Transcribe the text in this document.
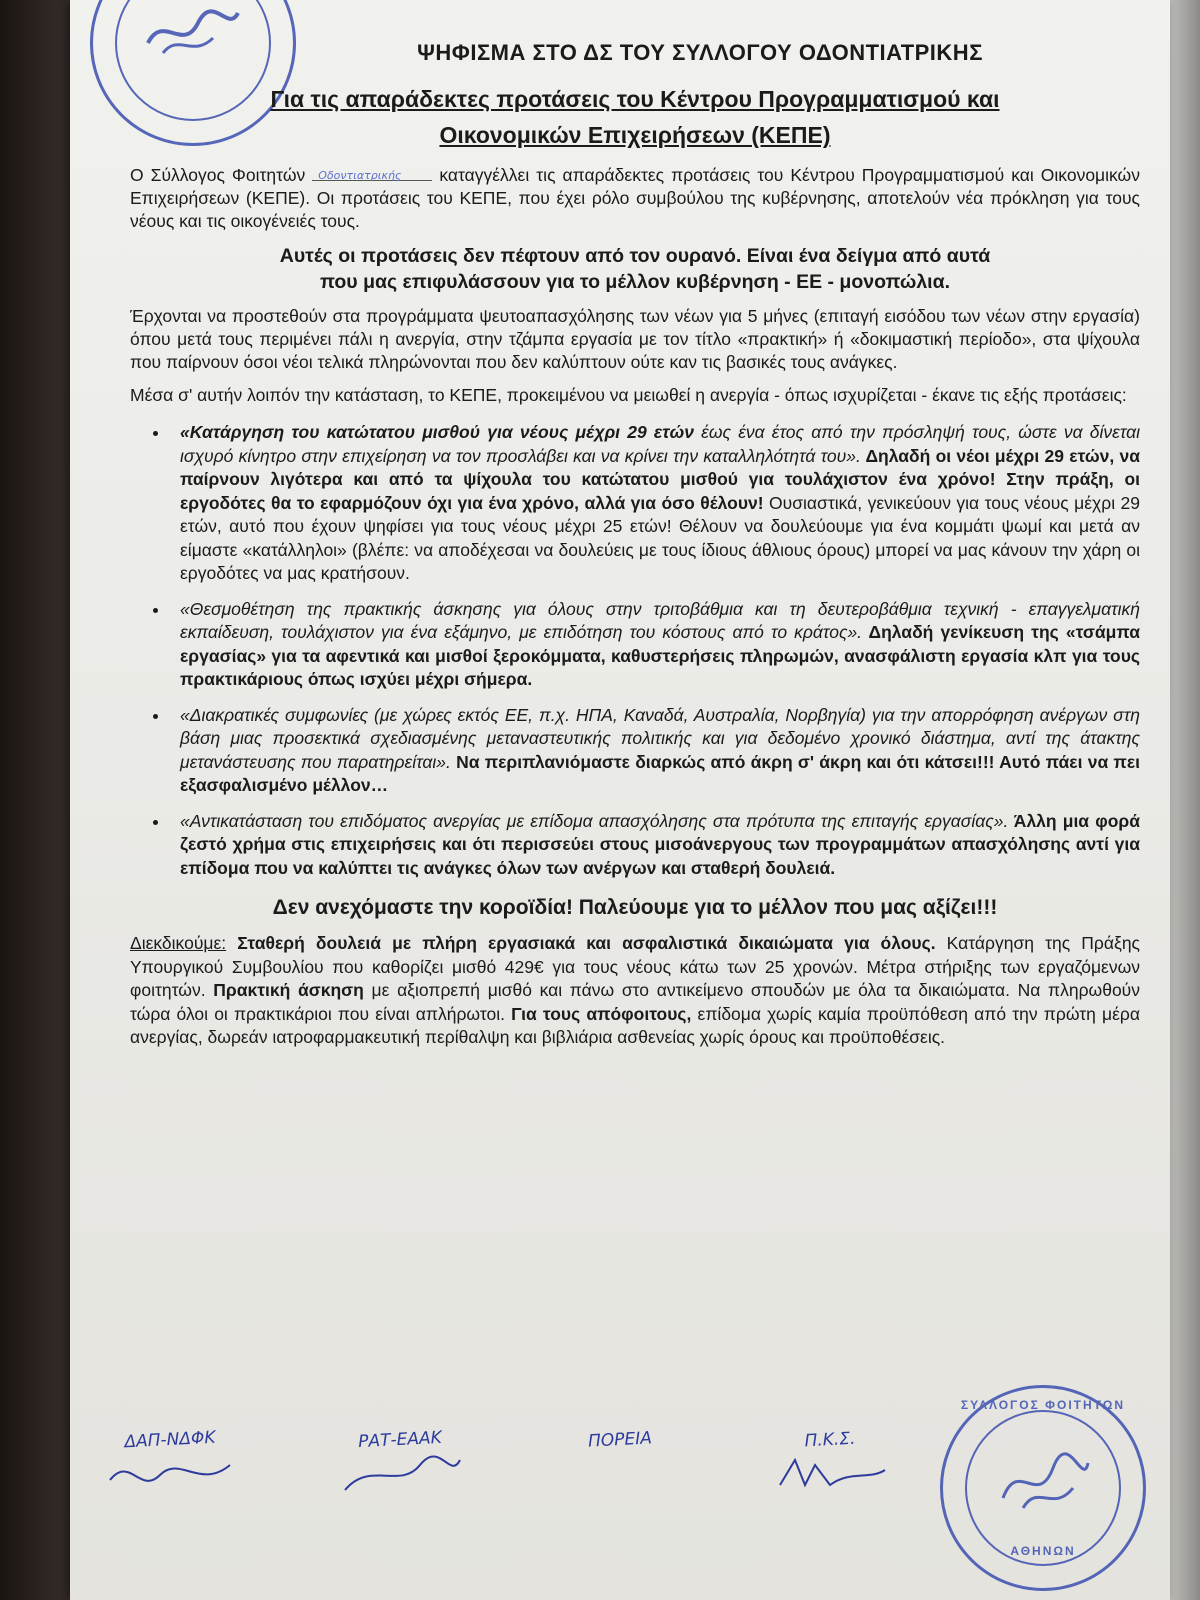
ΨΗΦΙΣΜΑ ΣΤΟ ΔΣ ΤΟΥ ΣΥΛΛΟΓΟΥ ΟΔΟΝΤΙΑΤΡΙΚΗΣ

Για τις απαράδεκτες προτάσεις του Κέντρου Προγραμματισμού και

Οικονομικών Επιχειρήσεων (ΚΕΠΕ)

Ο Σύλλογος Φοιτητών Οδοντιατρικής καταγγέλλει τις απαράδεκτες προτάσεις του Κέντρου Προγραμματισμού και Οικονομικών Επιχειρήσεων (ΚΕΠΕ). Οι προτάσεις του ΚΕΠΕ, που έχει ρόλο συμβούλου της κυβέρνησης, αποτελούν νέα πρόκληση για τους νέους και τις οικογένειές τους.

Αυτές οι προτάσεις δεν πέφτουν από τον ουρανό. Είναι ένα δείγμα από αυτά
που μας επιφυλάσσουν για το μέλλον κυβέρνηση - ΕΕ - μονοπώλια.

Έρχονται να προστεθούν στα προγράμματα ψευτοαπασχόλησης των νέων για 5 μήνες (επιταγή εισόδου των νέων στην εργασία) όπου μετά τους περιμένει πάλι η ανεργία, στην τζάμπα εργασία με τον τίτλο «πρακτική» ή «δοκιμαστική περίοδο», στα ψίχουλα που παίρνουν όσοι νέοι τελικά πληρώνονται που δεν καλύπτουν ούτε καν τις βασικές τους ανάγκες.

Μέσα σ' αυτήν λοιπόν την κατάσταση, το ΚΕΠΕ, προκειμένου να μειωθεί η ανεργία - όπως ισχυρίζεται - έκανε τις εξής προτάσεις:

• «Κατάργηση του κατώτατου μισθού για νέους μέχρι 29 ετών έως ένα έτος από την πρόσληψή τους, ώστε να δίνεται ισχυρό κίνητρο στην επιχείρηση να τον προσλάβει και να κρίνει την καταλληλότητά του». Δηλαδή οι νέοι μέχρι 29 ετών, να παίρνουν λιγότερα και από τα ψίχουλα του κατώτατου μισθού για τουλάχιστον ένα χρόνο! Στην πράξη, οι εργοδότες θα το εφαρμόζουν όχι για ένα χρόνο, αλλά για όσο θέλουν! Ουσιαστικά, γενικεύουν για τους νέους μέχρι 29 ετών, αυτό που έχουν ψηφίσει για τους νέους μέχρι 25 ετών! Θέλουν να δουλεύουμε για ένα κομμάτι ψωμί και μετά αν είμαστε «κατάλληλοι» (βλέπε: να αποδέχεσαι να δουλεύεις με τους ίδιους άθλιους όρους) μπορεί να μας κάνουν την χάρη οι εργοδότες να μας κρατήσουν.
• «Θεσμοθέτηση της πρακτικής άσκησης για όλους στην τριτοβάθμια και τη δευτεροβάθμια τεχνική - επαγγελματική εκπαίδευση, τουλάχιστον για ένα εξάμηνο, με επιδότηση του κόστους από το κράτος». Δηλαδή γενίκευση της «τσάμπα εργασίας» για τα αφεντικά και μισθοί ξεροκόμματα, καθυστερήσεις πληρωμών, ανασφάλιστη εργασία κλπ για τους πρακτικάριους όπως ισχύει μέχρι σήμερα.
• «Διακρατικές συμφωνίες (με χώρες εκτός ΕΕ, π.χ. ΗΠΑ, Καναδά, Αυστραλία, Νορβηγία) για την απορρόφηση ανέργων στη βάση μιας προσεκτικά σχεδιασμένης μεταναστευτικής πολιτικής και για δεδομένο χρονικό διάστημα, αντί της άτακτης μετανάστευσης που παρατηρείται». Να περιπλανιόμαστε διαρκώς από άκρη σ' άκρη και ότι κάτσει!!! Αυτό πάει να πει εξασφαλισμένο μέλλον…
• «Αντικατάσταση του επιδόματος ανεργίας με επίδομα απασχόλησης στα πρότυπα της επιταγής εργασίας». Άλλη μια φορά ζεστό χρήμα στις επιχειρήσεις και ότι περισσεύει στους μισοάνεργους των προγραμμάτων απασχόλησης αντί για επίδομα που να καλύπτει τις ανάγκες όλων των ανέργων και σταθερή δουλειά.

Δεν ανεχόμαστε την κοροϊδία! Παλεύουμε για το μέλλον που μας αξίζει!!!

Διεκδικούμε: Σταθερή δουλειά με πλήρη εργασιακά και ασφαλιστικά δικαιώματα για όλους. Κατάργηση της Πράξης Υπουργικού Συμβουλίου που καθορίζει μισθό 429€ για τους νέους κάτω των 25 χρονών. Μέτρα στήριξης των εργαζόμενων φοιτητών. Πρακτική άσκηση με αξιοπρεπή μισθό και πάνω στο αντικείμενο σπουδών με όλα τα δικαιώματα. Να πληρωθούν τώρα όλοι οι πρακτικάριοι που είναι απλήρωτοι. Για τους απόφοιτους, επίδομα χωρίς καμία προϋπόθεση από την πρώτη μέρα ανεργίας, δωρεάν ιατροφαρμακευτική περίθαλψη και βιβλιάρια ασθενείας χωρίς όρους και προϋποθέσεις.

ΔΑΠ-ΝΔΦΚ	ΡΑΤ-ΕΑΑΚ	ΠΟΡΕΙΑ	Π.Κ.Σ.
ΣΥΛΛΟΓΟΣ ΦΟΙΤΗΤΩΝ
ΑΘΗΝΩΝ
